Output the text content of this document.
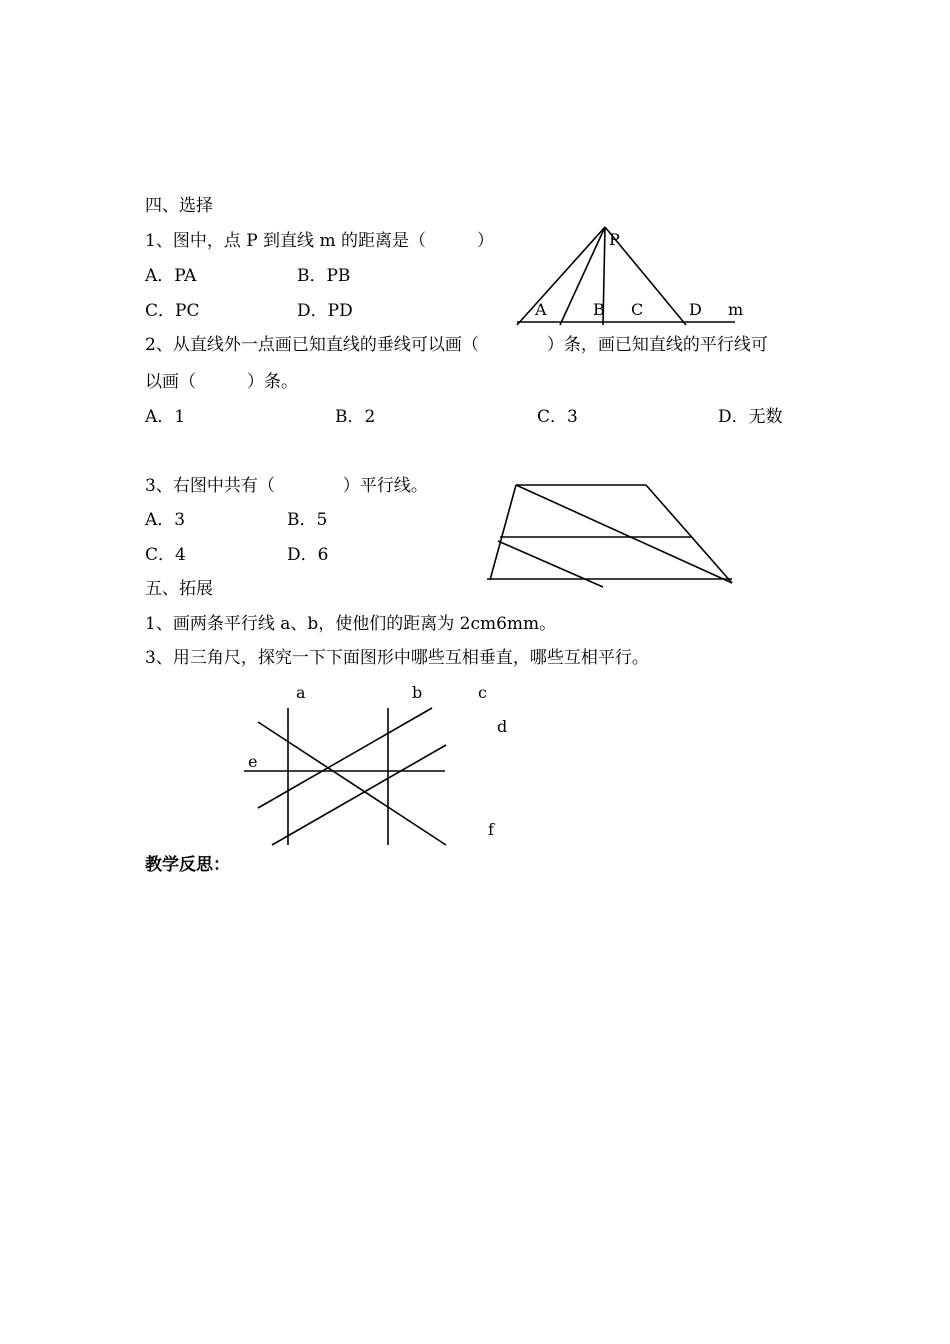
四、选择
1、图中，点 P 到直线 m 的距离是（　　　）
A．PA	B．PB
C．PC	D．PD
2、从直线外一点画已知直线的垂线可以画（　　　　）条，画已知直线的平行线可
以画（　　　）条。
A．1	B．2	C．3	D．无数
3、右图中共有（　　　　）平行线。
A．3	B．5
C．4	D．6
五、拓展
1、画两条平行线 a、b，使他们的距离为 2cm6mm。
3、用三角尺，探究一下下面图形中哪些互相垂直，哪些互相平行。
教学反思：
P
A	B C	D m
a	b	c
d
e
f
